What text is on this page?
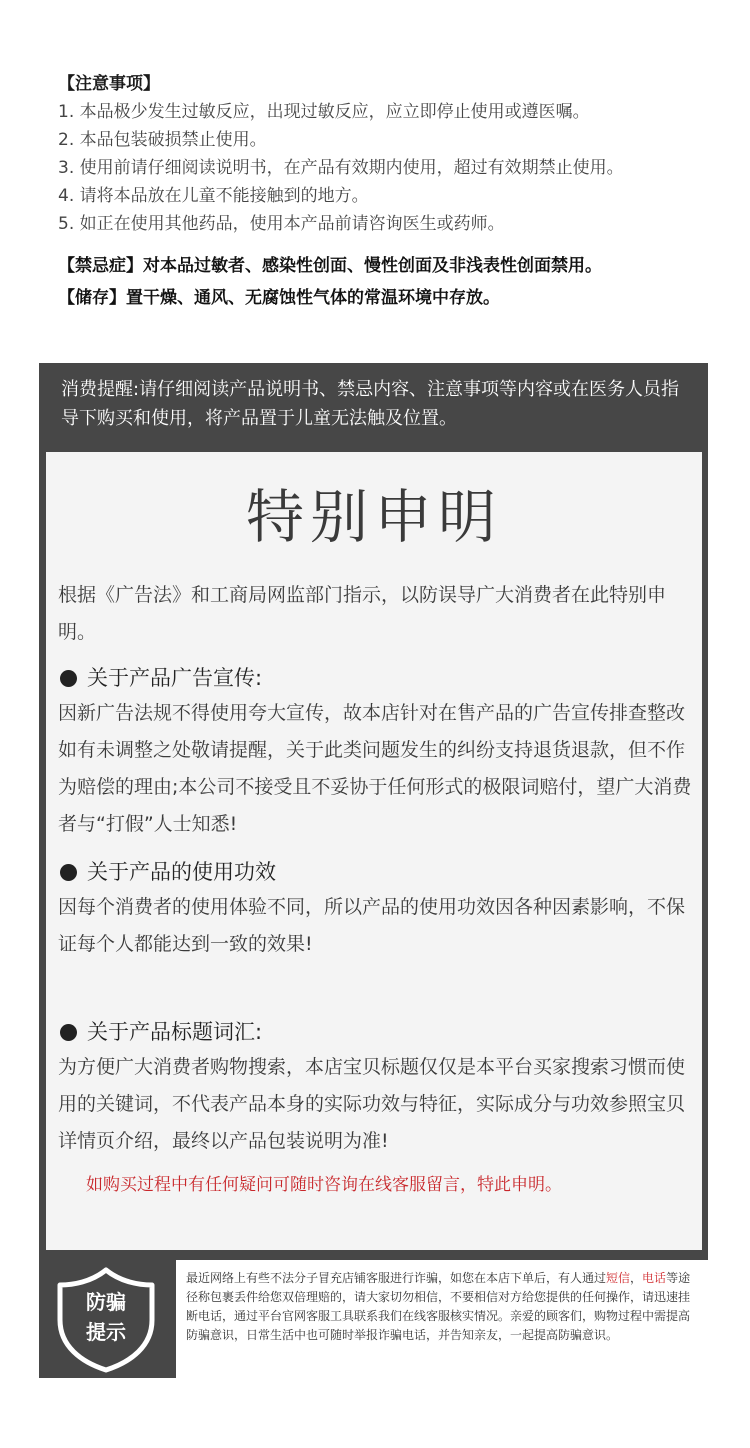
【注意事项】
1. 本品极少发生过敏反应，出现过敏反应，应立即停止使用或遵医嘱。
2. 本品包装破损禁止使用。
3. 使用前请仔细阅读说明书，在产品有效期内使用，超过有效期禁止使用。
4. 请将本品放在儿童不能接触到的地方。
5. 如正在使用其他药品，使用本产品前请咨询医生或药师。
【禁忌症】对本品过敏者、感染性创面、慢性创面及非浅表性创面禁用。
【储存】置干燥、通风、无腐蚀性气体的常温环境中存放。
消费提醒:请仔细阅读产品说明书、禁忌内容、注意事项等内容或在医务人员指导下购买和使用，将产品置于儿童无法触及位置。
特别申明
根据《广告法》和工商局网监部门指示，以防误导广大消费者在此特别申明。
关于产品广告宣传:
因新广告法规不得使用夸大宣传，故本店针对在售产品的广告宣传排查整改如有未调整之处敬请提醒，关于此类问题发生的纠纷支持退货退款，但不作为赔偿的理由;本公司不接受且不妥协于任何形式的极限词赔付，望广大消费者与“打假”人士知悉!
关于产品的使用功效
因每个消费者的使用体验不同，所以产品的使用功效因各种因素影响，不保证每个人都能达到一致的效果!
关于产品标题词汇:
为方便广大消费者购物搜索，本店宝贝标题仅仅是本平台买家搜索习惯而使用的关键词，不代表产品本身的实际功效与特征，实际成分与功效参照宝贝详情页介绍，最终以产品包装说明为准!
如购买过程中有任何疑问可随时咨询在线客服留言，特此申明。
防骗
提示
最近网络上有些不法分子冒充店铺客服进行诈骗，如您在本店下单后，有人通过短信，电话等途径称包裹丢件给您双倍理赔的，请大家切勿相信，不要相信对方给您提供的任何操作，请迅速挂断电话，通过平台官网客服工具联系我们在线客服核实情况。亲爱的顾客们，购物过程中需提高防骗意识，日常生活中也可随时举报诈骗电话，并告知亲友，一起提高防骗意识。
